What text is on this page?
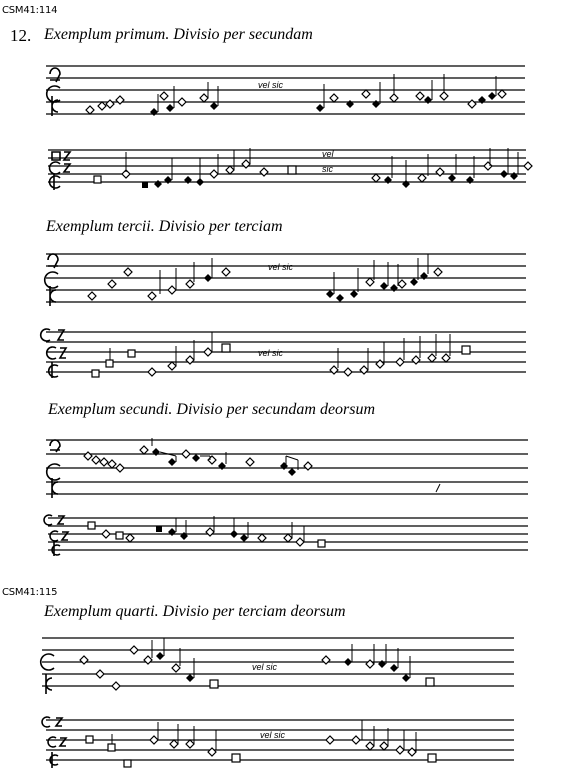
CSM41:114
12. Exemplum primum. Divisio per secundam
Exemplum tercii. Divisio per terciam
Exemplum secundi. Divisio per secundam deorsum
CSM41:115
Exemplum quarti. Divisio per terciam deorsum
vel sic
vel
sic
vel sic
vel sic
vel sic
vel sic
